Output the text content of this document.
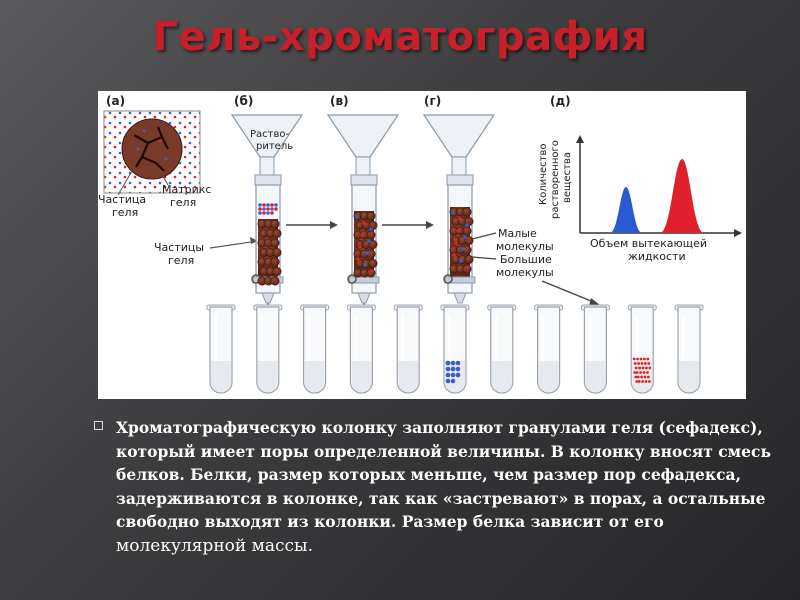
Гель-хроматография
(а)	(б)	(в)	(г)	(д)
Частица
геля
Матрикс
геля
Частицы
геля
Раство-
ритель
Малые
молекулы
Большие
молекулы
Количество растворенного вещества
Объем вытекающей
жидкости
Хроматографическую колонку заполняют гранулами геля (сефадекс), который имеет поры определенной величины. В колонку вносят смесь белков. Белки, размер которых меньше, чем размер пор сефадекса, задерживаются в колонке, так как «застревают» в порах, а остальные свободно выходят из колонки. Размер белка зависит от его молекулярной массы.
